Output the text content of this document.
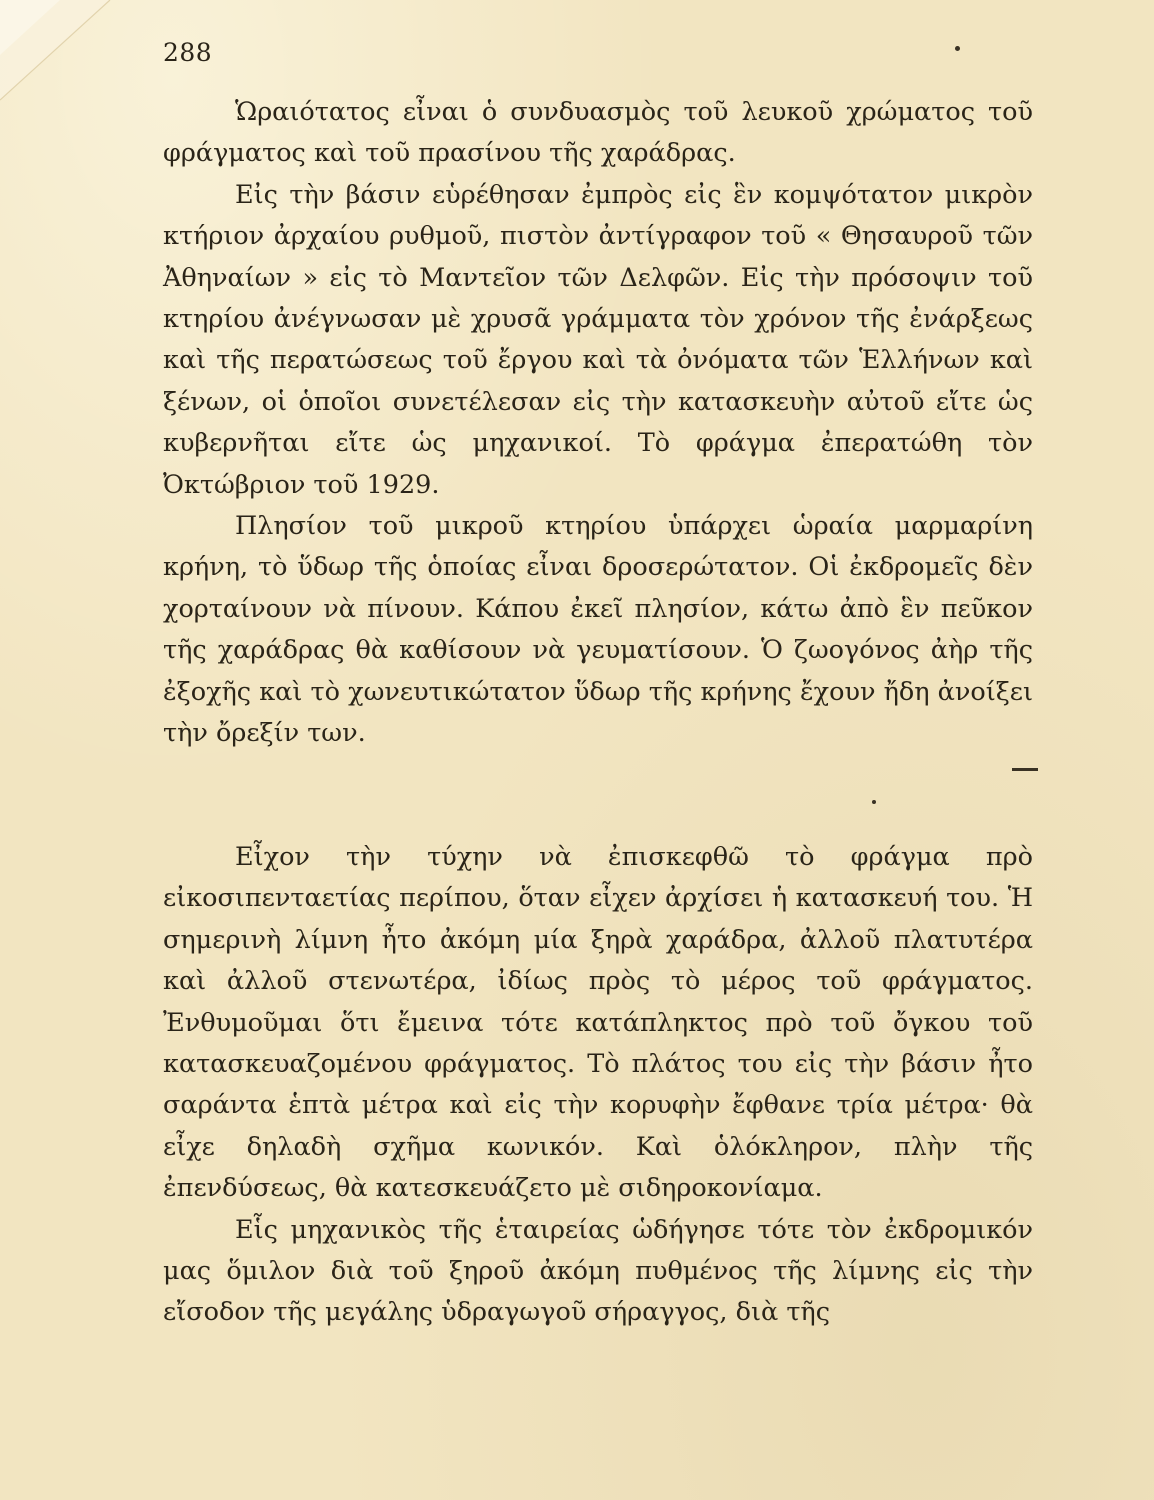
288

Ὡραιότατος εἶναι ὁ συνδυασμὸς τοῦ λευκοῦ χρώματος τοῦ φράγματος καὶ τοῦ πρασίνου τῆς χαράδρας.

Εἰς τὴν βάσιν εὑρέθησαν ἐμπρὸς εἰς ἓν κομψότατον μικρὸν κτήριον ἀρχαίου ρυθμοῦ, πιστὸν ἀντίγραφον τοῦ « Θησαυροῦ τῶν Ἀθηναίων » εἰς τὸ Μαντεῖον τῶν Δελφῶν. Εἰς τὴν πρόσοψιν τοῦ κτηρίου ἀνέγνωσαν μὲ χρυσᾶ γράμματα τὸν χρόνον τῆς ἐνάρξεως καὶ τῆς περατώσεως τοῦ ἔργου καὶ τὰ ὀνόματα τῶν Ἑλλήνων καὶ ξένων, οἱ ὁποῖοι συνετέλεσαν εἰς τὴν κατασκευὴν αὐτοῦ εἴτε ὡς κυβερνῆται εἴτε ὡς μηχανικοί. Τὸ φράγμα ἐπερατώθη τὸν Ὀκτώβριον τοῦ 1929.

Πλησίον τοῦ μικροῦ κτηρίου ὑπάρχει ὡραία μαρμαρίνη κρήνη, τὸ ὕδωρ τῆς ὁποίας εἶναι δροσερώτατον. Οἱ ἐκδρομεῖς δὲν χορταίνουν νὰ πίνουν. Κάπου ἐκεῖ πλησίον, κάτω ἀπὸ ἓν πεῦκον τῆς χαράδρας θὰ καθίσουν νὰ γευματίσουν. Ὁ ζωογόνος ἀὴρ τῆς ἐξοχῆς καὶ τὸ χωνευτικώτατον ὕδωρ τῆς κρήνης ἔχουν ἤδη ἀνοίξει τὴν ὄρεξίν των.

Εἶχον τὴν τύχην νὰ ἐπισκεφθῶ τὸ φράγμα πρὸ εἰκοσιπενταετίας περίπου, ὅταν εἶχεν ἀρχίσει ἡ κατασκευή του. Ἡ σημερινὴ λίμνη ἦτο ἀκόμη μία ξηρὰ χαράδρα, ἀλλοῦ πλατυτέρα καὶ ἀλλοῦ στενωτέρα, ἰδίως πρὸς τὸ μέρος τοῦ φράγματος. Ἐνθυμοῦμαι ὅτι ἔμεινα τότε κατάπληκτος πρὸ τοῦ ὄγκου τοῦ κατασκευαζομένου φράγματος. Τὸ πλάτος του εἰς τὴν βάσιν ἦτο σαράντα ἑπτὰ μέτρα καὶ εἰς τὴν κορυφὴν ἔφθανε τρία μέτρα· θὰ εἶχε δηλαδὴ σχῆμα κωνικόν. Καὶ ὁλόκληρον, πλὴν τῆς ἐπενδύσεως, θὰ κατεσκευάζετο μὲ σιδηροκονίαμα.

Εἷς μηχανικὸς τῆς ἑταιρείας ὡδήγησε τότε τὸν ἐκδρομικόν μας ὅμιλον διὰ τοῦ ξηροῦ ἀκόμη πυθμένος τῆς λίμνης εἰς τὴν εἴσοδον τῆς μεγάλης ὑδραγωγοῦ σήραγγος, διὰ τῆς
